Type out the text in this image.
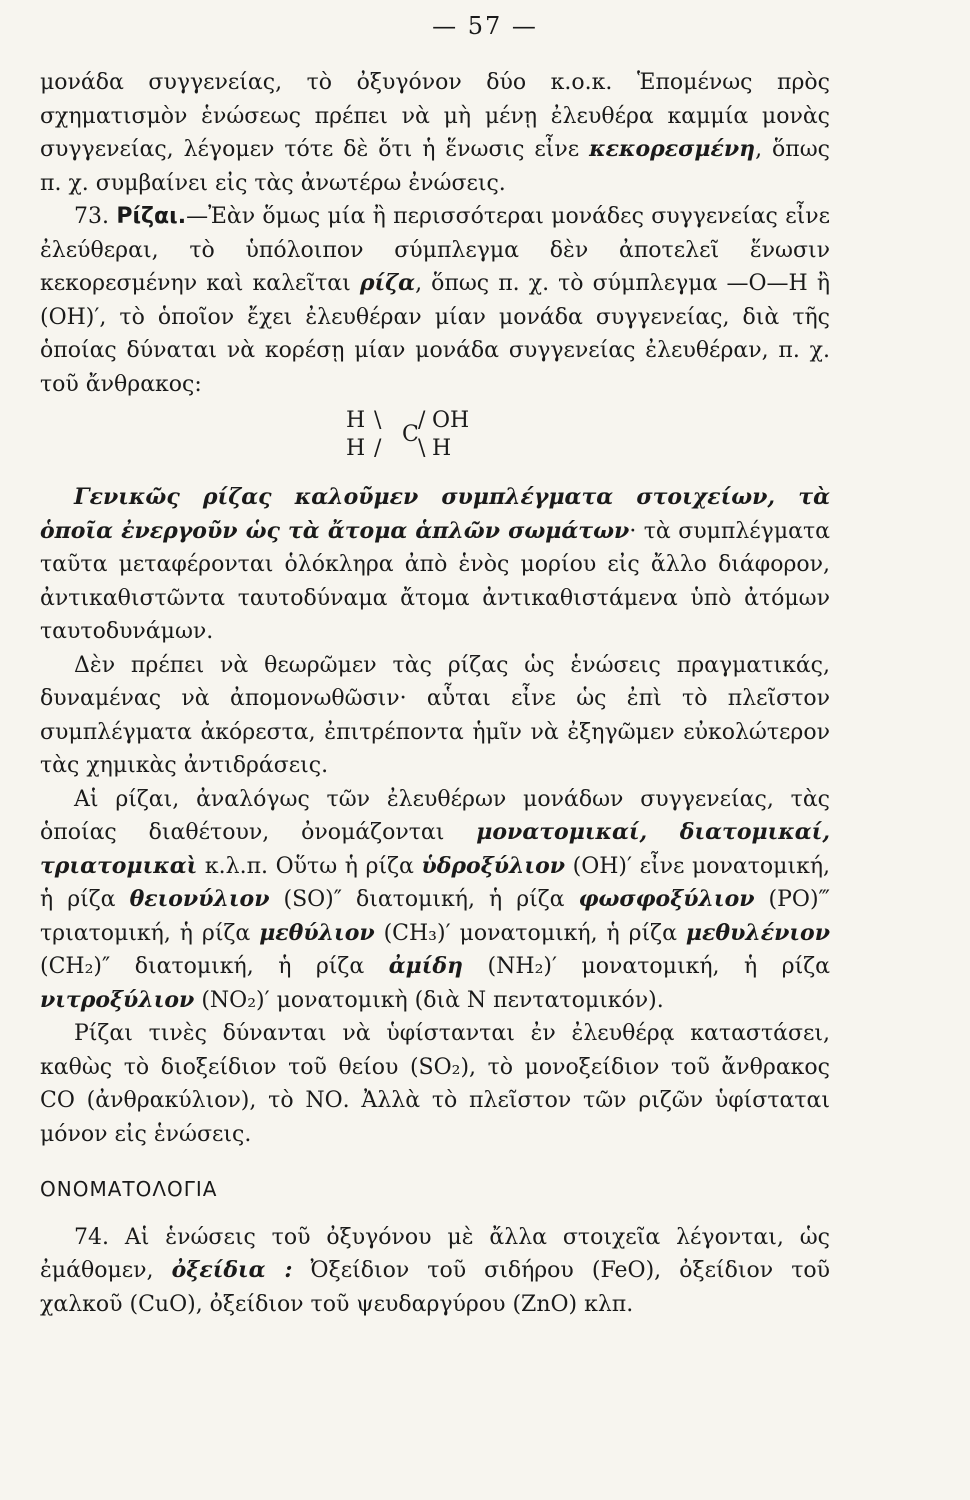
— 57 —

μονάδα συγγενείας, τὸ ὀξυγόνον δύο κ.ο.κ. Ἑπομένως πρὸς σχηματισμὸν ἑνώσεως πρέπει νὰ μὴ μένῃ ἐλευθέρα καμμία μονὰς συγγενείας, λέγομεν τότε δὲ ὅτι ἡ ἕνωσις εἶνε κεκορεσμένη, ὅπως π. χ. συμβαίνει εἰς τὰς ἀνωτέρω ἐνώσεις.

73. Ρίζαι.—Ἐὰν ὅμως μία ἢ περισσότεραι μονάδες συγγενείας εἶνε ἐλεύθεραι, τὸ ὑπόλοιπον σύμπλεγμα δὲν ἀποτελεῖ ἕνωσιν κεκορεσμένην καὶ καλεῖται ρίζα, ὅπως π. χ. τὸ σύμπλεγμα —Ο—Η ἢ (ΟΗ)′, τὸ ὁποῖον ἔχει ἐλευθέραν μίαν μονάδα συγγενείας, διὰ τῆς ὁποίας δύναται νὰ κορέσῃ μίαν μονάδα συγγενείας ἐλευθέραν, π. χ. τοῦ ἄνθρακος:

H \
C
/ OH
H / \ H

Γενικῶς ρίζας καλοῦμεν συμπλέγματα στοιχείων, τὰ ὁποῖα ἐνεργοῦν ὡς τὰ ἄτομα ἁπλῶν σωμάτων· τὰ συμπλέγματα ταῦτα μεταφέρονται ὁλόκληρα ἀπὸ ἑνὸς μορίου εἰς ἄλλο διάφορον, ἀντικαθιστῶντα ταυτοδύναμα ἄτομα ἀντικαθιστάμενα ὑπὸ ἀτόμων ταυτοδυνάμων.

Δὲν πρέπει νὰ θεωρῶμεν τὰς ρίζας ὡς ἑνώσεις πραγματικάς, δυναμένας νὰ ἀπομονωθῶσιν· αὗται εἶνε ὡς ἐπὶ τὸ πλεῖστον συμπλέγματα ἀκόρεστα, ἐπιτρέποντα ἡμῖν νὰ ἐξηγῶμεν εὐκολώτερον τὰς χημικὰς ἀντιδράσεις.

Αἱ ρίζαι, ἀναλόγως τῶν ἐλευθέρων μονάδων συγγενείας, τὰς ὁποίας διαθέτουν, ὀνομάζονται μονατομικαί, διατομικαί, τριατομικαὶ κ.λ.π. Οὕτω ἡ ρίζα ὑδροξύλιον (ΟΗ)′ εἶνε μονατομική, ἡ ρίζα θειονύλιον (SO)″ διατομική, ἡ ρίζα φωσφοξύλιον (PO)‴ τριατομική, ἡ ρίζα μεθύλιον (CH₃)′ μονατομική, ἡ ρίζα μεθυλένιον (CH₂)″ διατομική, ἡ ρίζα ἀμίδη (NH₂)′ μονατομική, ἡ ρίζα νιτροξύλιον (NO₂)′ μονατομικὴ (διὰ Ν πεντατομικόν).

Ρίζαι τινὲς δύνανται νὰ ὑφίστανται ἐν ἐλευθέρᾳ καταστάσει, καθὼς τὸ διοξείδιον τοῦ θείου (SO₂), τὸ μονοξείδιον τοῦ ἄνθρακος CO (ἀνθρακύλιον), τὸ ΝΟ. Ἀλλὰ τὸ πλεῖστον τῶν ριζῶν ὑφίσταται μόνον εἰς ἑνώσεις.

ΟΝΟΜΑΤΟΛΟΓΙΑ

74. Αἱ ἑνώσεις τοῦ ὀξυγόνου μὲ ἄλλα στοιχεῖα λέγονται, ὡς ἐμάθομεν, ὀξείδια : Ὀξείδιον τοῦ σιδήρου (FeO), ὀξείδιον τοῦ χαλκοῦ (CuO), ὀξείδιον τοῦ ψευδαργύρου (ZnO) κλπ.
